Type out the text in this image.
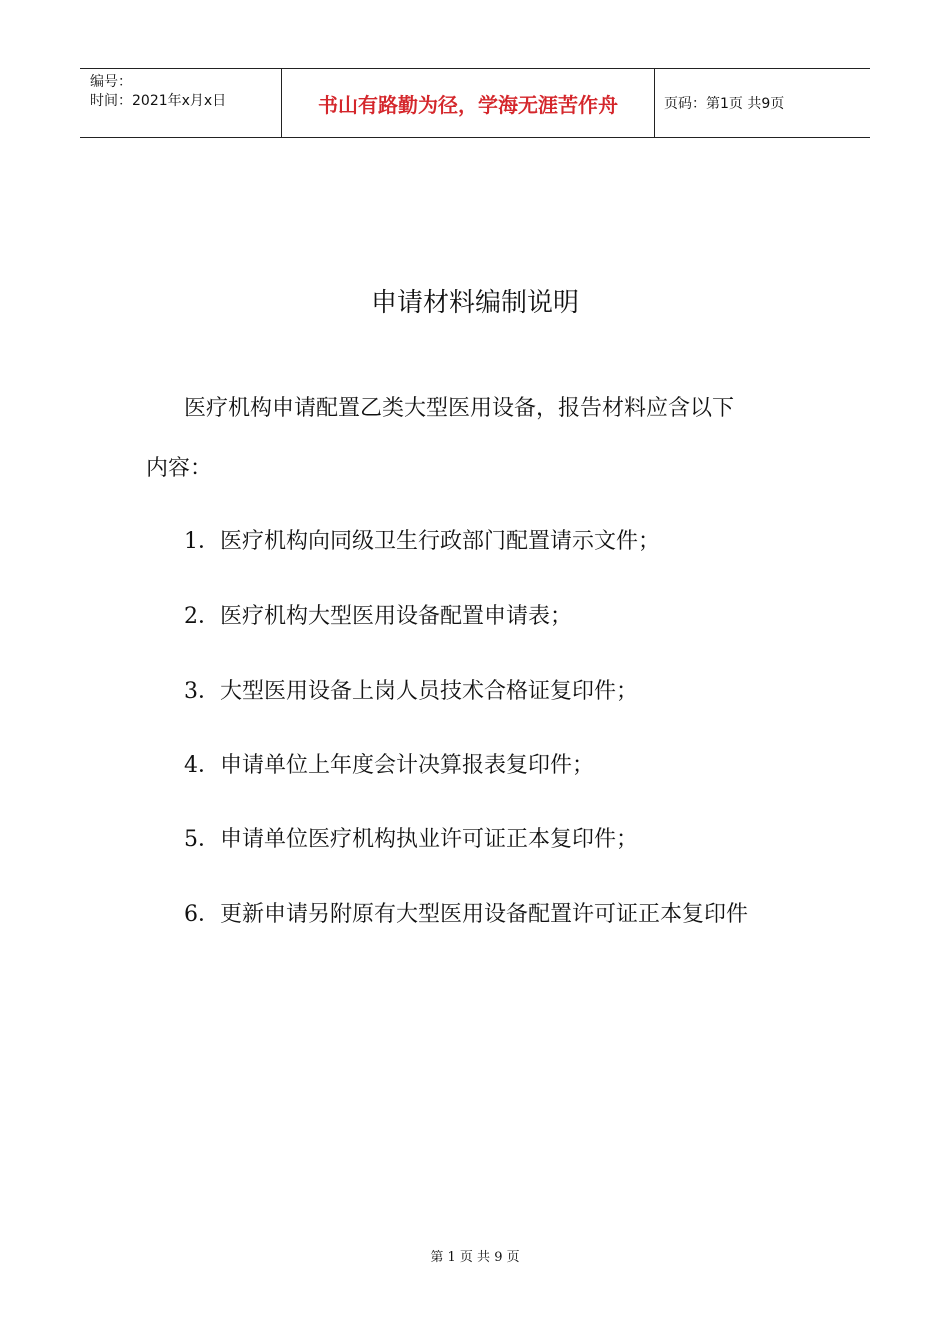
编号：
时间：2021年x月x日	书山有路勤为径，学海无涯苦作舟	页码：第1页 共9页
申请材料编制说明
医疗机构申请配置乙类大型医用设备，报告材料应含以下
内容：
1．医疗机构向同级卫生行政部门配置请示文件；
2．医疗机构大型医用设备配置申请表；
3．大型医用设备上岗人员技术合格证复印件；
4．申请单位上年度会计决算报表复印件；
5．申请单位医疗机构执业许可证正本复印件；
6．更新申请另附原有大型医用设备配置许可证正本复印件
第 1 页 共 9 页
